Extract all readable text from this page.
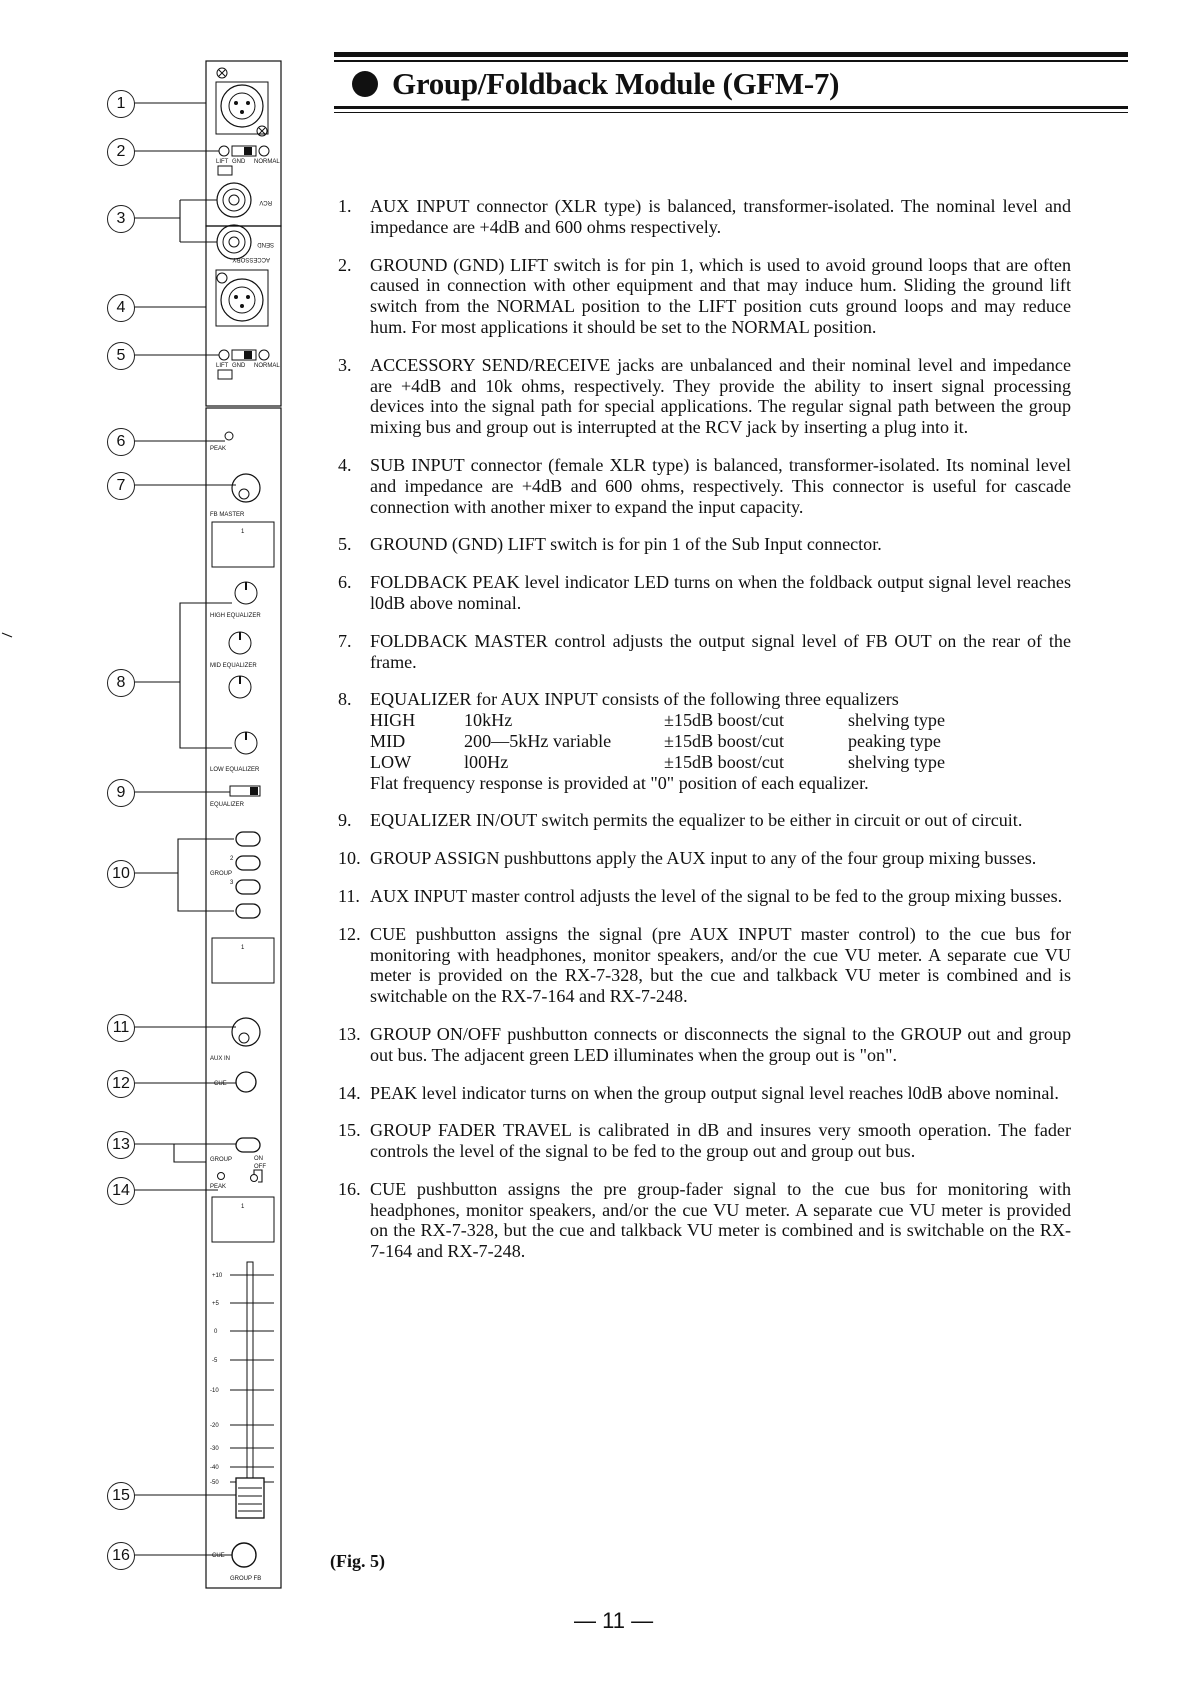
LIFT GND NORMAL
RCV
SEND
ACCESSORY
LIFT GND NORMAL
PEAK
FB MASTER
1
HIGH EQUALIZER
MID EQUALIZER
LOW EQUALIZER
EQUALIZER
GROUP
2
3
1
AUX IN
CUE
GROUP	ON
OFF
PEAK
1
+10
+5
0
-5
-10
-20
-30
-40
-50
CUE
GROUP FB
1
2
3
4
5
6
7
8
9
10
11
12
13
14
15
16
Group/Foldback Module (GFM-7)
1.	AUX INPUT connector (XLR type) is balanced, transformer-isolated. The nominal level and impedance are +4dB and 600 ohms respectively.
2.	GROUND (GND) LIFT switch is for pin 1, which is used to avoid ground loops that are often caused in connection with other equipment and that may induce hum. Sliding the ground lift switch from the NORMAL position to the LIFT position cuts ground loops and may reduce hum. For most applications it should be set to the NORMAL position.
3.	ACCESSORY SEND/RECEIVE jacks are unbalanced and their nominal level and impedance are +4dB and 10k ohms, respectively. They provide the ability to insert signal processing devices into the signal path for special applications. The regular signal path between the group mixing bus and group out is interrupted at the RCV jack by inserting a plug into it.
4.	SUB INPUT connector (female XLR type) is balanced, transformer-isolated. Its nominal level and impedance are +4dB and 600 ohms, respectively. This connector is useful for cascade connection with another mixer to expand the input capacity.
5.	GROUND (GND) LIFT switch is for pin 1 of the Sub Input connector.
6.	FOLDBACK PEAK level indicator LED turns on when the foldback output signal level reaches l0dB above nominal.
7.	FOLDBACK MASTER control adjusts the output signal level of FB OUT on the rear of the frame.
8.	EQUALIZER for AUX INPUT consists of the following three equalizers
HIGH	10kHz	±15dB boost/cut	shelving type
MID	200—5kHz variable	±15dB boost/cut	peaking type
LOW	l00Hz	±15dB boost/cut	shelving type
Flat frequency response is provided at "0" position of each equalizer.
9.	EQUALIZER IN/OUT switch permits the equalizer to be either in circuit or out of circuit.
10. GROUP ASSIGN pushbuttons apply the AUX input to any of the four group mixing busses.
11. AUX INPUT master control adjusts the level of the signal to be fed to the group mixing busses.
12. CUE pushbutton assigns the signal (pre AUX INPUT master control) to the cue bus for monitoring with headphones, monitor speakers, and/or the cue VU meter. A separate cue VU meter is provided on the RX-7-328, but the cue and talkback VU meter is combined and is switchable on the RX-7-164 and RX-7-248.
13. GROUP ON/OFF pushbutton connects or disconnects the signal to the GROUP out and group out bus. The adjacent green LED illuminates when the group out is "on".
14. PEAK level indicator turns on when the group output signal level reaches l0dB above nominal.
15. GROUP FADER TRAVEL is calibrated in dB and insures very smooth operation. The fader controls the level of the signal to be fed to the group out and group out bus.
16. CUE pushbutton assigns the pre group-fader signal to the cue bus for monitoring with headphones, monitor speakers, and/or the cue VU meter. A separate cue VU meter is provided on the RX-7-328, but the cue and talkback VU meter is combined and is switchable on the RX-7-164 and RX-7-248.
(Fig. 5)
— 11 —
